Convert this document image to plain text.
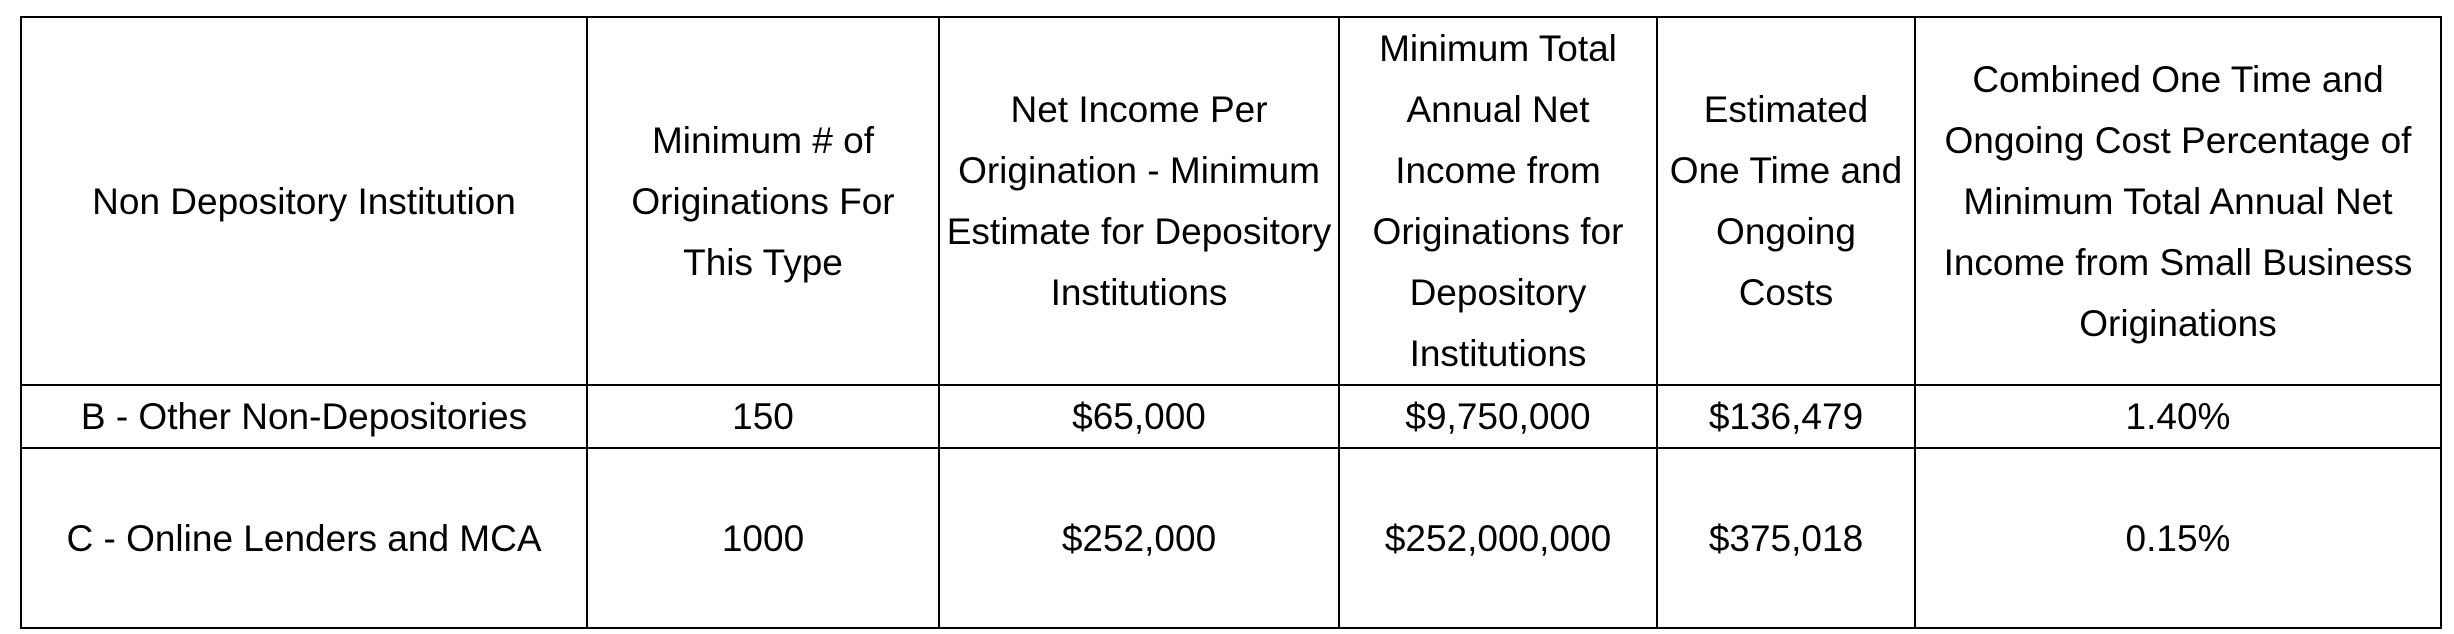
Non Depository Institution	Minimum # of Originations For This Type	Net Income Per Origination - Minimum Estimate for Depository Institutions	Minimum Total Annual Net Income from Originations for Depository Institutions	Estimated One Time and Ongoing Costs	Combined One Time and Ongoing Cost Percentage of Minimum Total Annual Net Income from Small Business Originations

B - Other Non-Depositories	150	$65,000	$9,750,000	$136,479	1.40%
C - Online Lenders and MCA	1000	$252,000	$252,000,000	$375,018	0.15%
